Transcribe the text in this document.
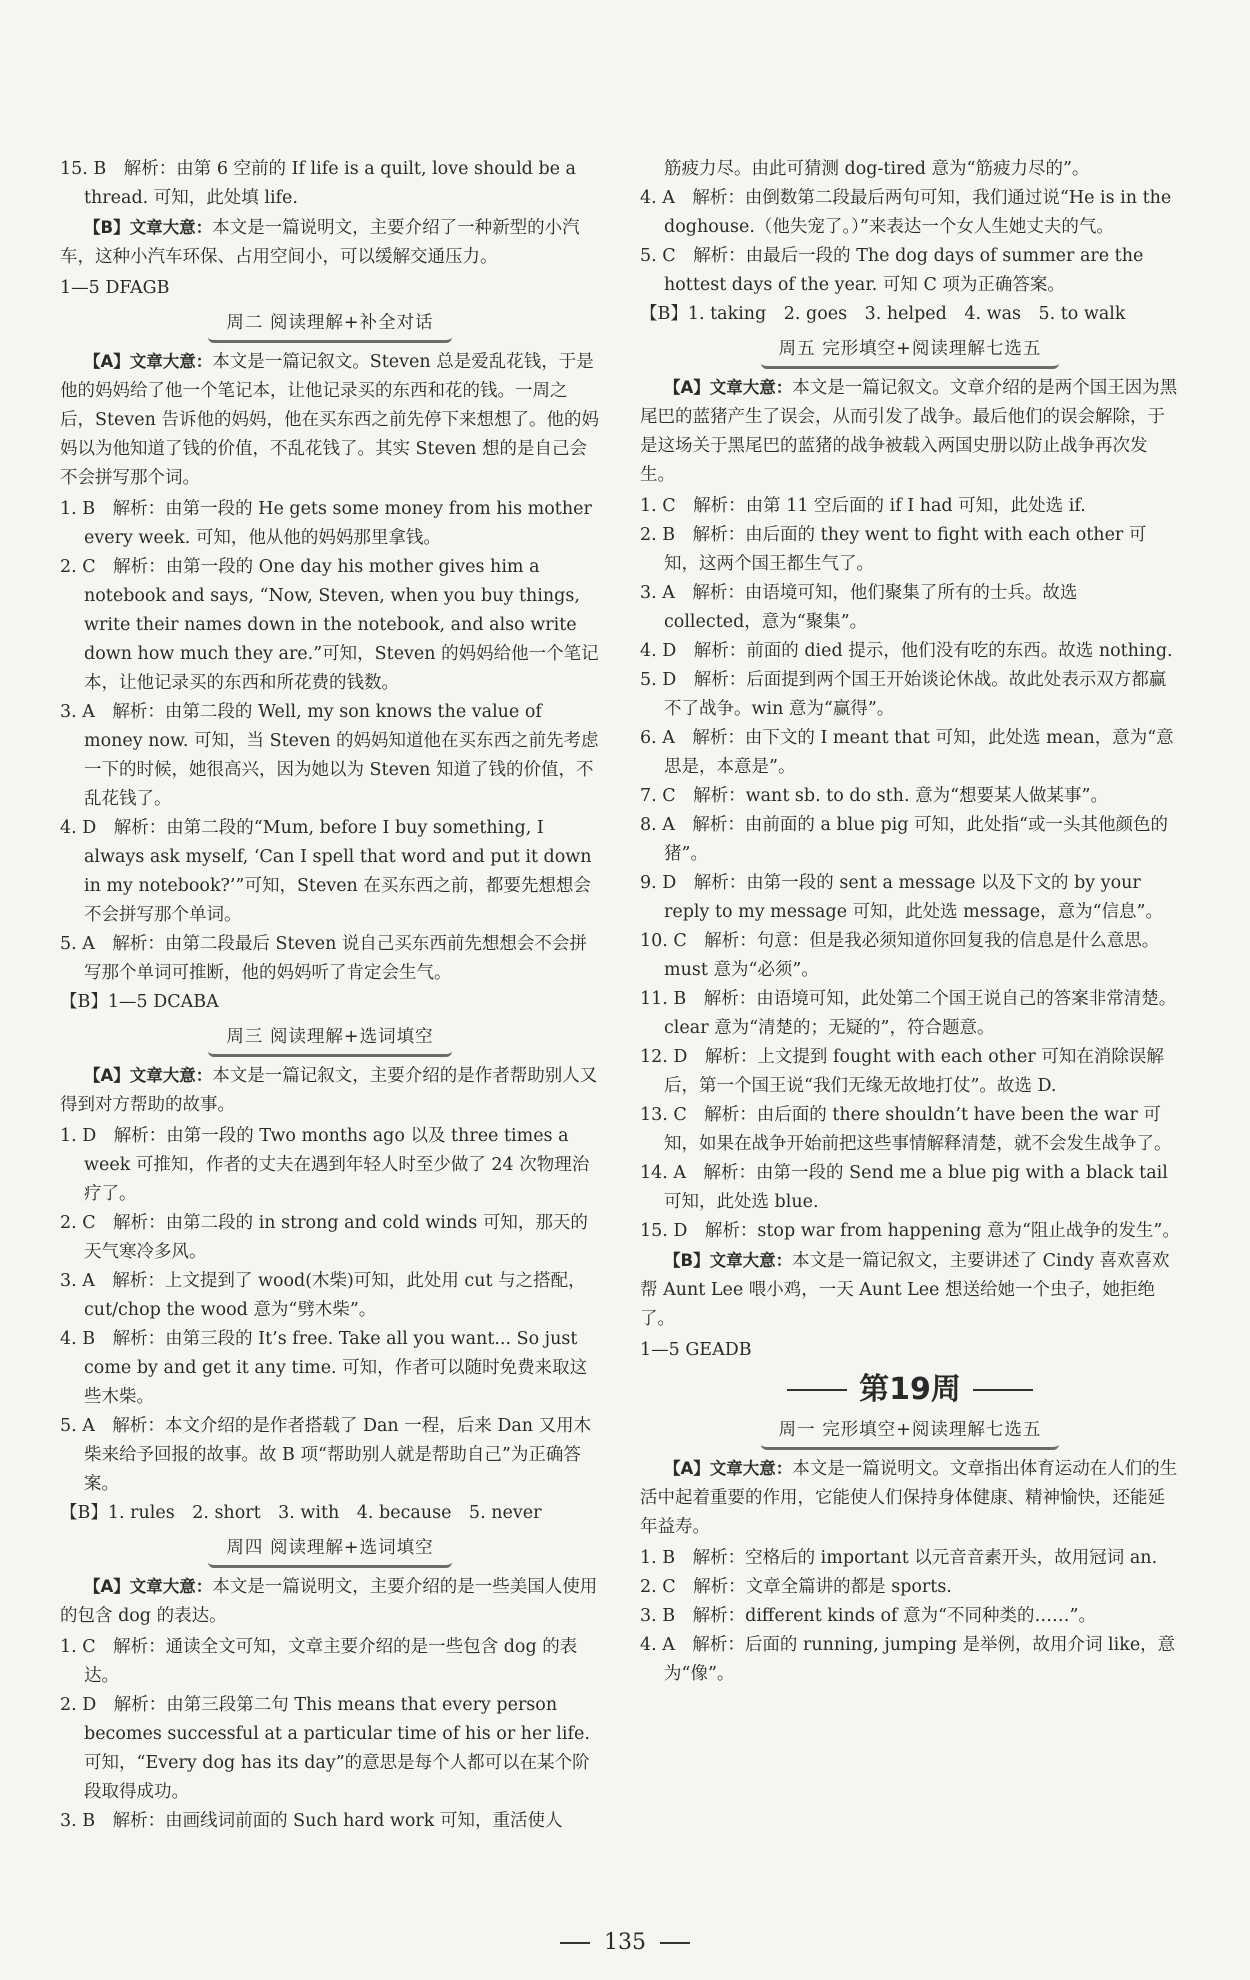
15. B　解析：由第 6 空前的 If life is a quilt, love should be a thread. 可知，此处填 life.

【B】文章大意：本文是一篇说明文，主要介绍了一种新型的小汽车，这种小汽车环保、占用空间小，可以缓解交通压力。

1—5 DFAGB

周二 阅读理解+补全对话

【A】文章大意：本文是一篇记叙文。Steven 总是爱乱花钱，于是他的妈妈给了他一个笔记本，让他记录买的东西和花的钱。一周之后，Steven 告诉他的妈妈，他在买东西之前先停下来想想了。他的妈妈以为他知道了钱的价值，不乱花钱了。其实 Steven 想的是自己会不会拼写那个词。

1. B　解析：由第一段的 He gets some money from his mother every week. 可知，他从他的妈妈那里拿钱。

2. C　解析：由第一段的 One day his mother gives him a notebook and says, “Now, Steven, when you buy things, write their names down in the notebook, and also write down how much they are.”可知，Steven 的妈妈给他一个笔记本，让他记录买的东西和所花费的钱数。

3. A　解析：由第二段的 Well, my son knows the value of money now. 可知，当 Steven 的妈妈知道他在买东西之前先考虑一下的时候，她很高兴，因为她以为 Steven 知道了钱的价值，不乱花钱了。

4. D　解析：由第二段的“Mum, before I buy something, I always ask myself, ‘Can I spell that word and put it down in my notebook?’”可知，Steven 在买东西之前，都要先想想会不会拼写那个单词。

5. A　解析：由第二段最后 Steven 说自己买东西前先想想会不会拼写那个单词可推断，他的妈妈听了肯定会生气。

【B】1—5 DCABA

周三 阅读理解+选词填空

【A】文章大意：本文是一篇记叙文，主要介绍的是作者帮助别人又得到对方帮助的故事。

1. D　解析：由第一段的 Two months ago 以及 three times a week 可推知，作者的丈夫在遇到年轻人时至少做了 24 次物理治疗了。

2. C　解析：由第二段的 in strong and cold winds 可知，那天的天气寒冷多风。

3. A　解析：上文提到了 wood(木柴)可知，此处用 cut 与之搭配，cut/chop the wood 意为“劈木柴”。

4. B　解析：由第三段的 It’s free. Take all you want... So just come by and get it any time. 可知，作者可以随时免费来取这些木柴。

5. A　解析：本文介绍的是作者搭载了 Dan 一程，后来 Dan 又用木柴来给予回报的故事。故 B 项“帮助别人就是帮助自己”为正确答案。

【B】1. rules　2. short　3. with　4. because　5. never

周四 阅读理解+选词填空

【A】文章大意：本文是一篇说明文，主要介绍的是一些美国人使用的包含 dog 的表达。

1. C　解析：通读全文可知，文章主要介绍的是一些包含 dog 的表达。

2. D　解析：由第三段第二句 This means that every person becomes successful at a particular time of his or her life. 可知，“Every dog has its day”的意思是每个人都可以在某个阶段取得成功。

3. B　解析：由画线词前面的 Such hard work 可知，重活使人

筋疲力尽。由此可猜测 dog-tired 意为“筋疲力尽的”。

4. A　解析：由倒数第二段最后两句可知，我们通过说“He is in the doghouse.（他失宠了。）”来表达一个女人生她丈夫的气。

5. C　解析：由最后一段的 The dog days of summer are the hottest days of the year. 可知 C 项为正确答案。

【B】1. taking　2. goes　3. helped　4. was　5. to walk

周五 完形填空+阅读理解七选五

【A】文章大意：本文是一篇记叙文。文章介绍的是两个国王因为黑尾巴的蓝猪产生了误会，从而引发了战争。最后他们的误会解除，于是这场关于黑尾巴的蓝猪的战争被载入两国史册以防止战争再次发生。

1. C　解析：由第 11 空后面的 if I had 可知，此处选 if.

2. B　解析：由后面的 they went to fight with each other 可知，这两个国王都生气了。

3. A　解析：由语境可知，他们聚集了所有的士兵。故选 collected，意为“聚集”。

4. D　解析：前面的 died 提示，他们没有吃的东西。故选 nothing.

5. D　解析：后面提到两个国王开始谈论休战。故此处表示双方都赢不了战争。win 意为“赢得”。

6. A　解析：由下文的 I meant that 可知，此处选 mean，意为“意思是，本意是”。

7. C　解析：want sb. to do sth. 意为“想要某人做某事”。

8. A　解析：由前面的 a blue pig 可知，此处指“或一头其他颜色的猪”。

9. D　解析：由第一段的 sent a message 以及下文的 by your reply to my message 可知，此处选 message，意为“信息”。

10. C　解析：句意：但是我必须知道你回复我的信息是什么意思。must 意为“必须”。

11. B　解析：由语境可知，此处第二个国王说自己的答案非常清楚。clear 意为“清楚的；无疑的”，符合题意。

12. D　解析：上文提到 fought with each other 可知在消除误解后，第一个国王说“我们无缘无故地打仗”。故选 D.

13. C　解析：由后面的 there shouldn’t have been the war 可知，如果在战争开始前把这些事情解释清楚，就不会发生战争了。

14. A　解析：由第一段的 Send me a blue pig with a black tail 可知，此处选 blue.

15. D　解析：stop war from happening 意为“阻止战争的发生”。

【B】文章大意：本文是一篇记叙文，主要讲述了 Cindy 喜欢喜欢帮 Aunt Lee 喂小鸡，一天 Aunt Lee 想送给她一个虫子，她拒绝了。

1—5 GEADB

第19周
周一 完形填空+阅读理解七选五

【A】文章大意：本文是一篇说明文。文章指出体育运动在人们的生活中起着重要的作用，它能使人们保持身体健康、精神愉快，还能延年益寿。

1. B　解析：空格后的 important 以元音音素开头，故用冠词 an.

2. C　解析：文章全篇讲的都是 sports.

3. B　解析：different kinds of 意为“不同种类的……”。

4. A　解析：后面的 running, jumping 是举例，故用介词 like，意为“像”。

135
